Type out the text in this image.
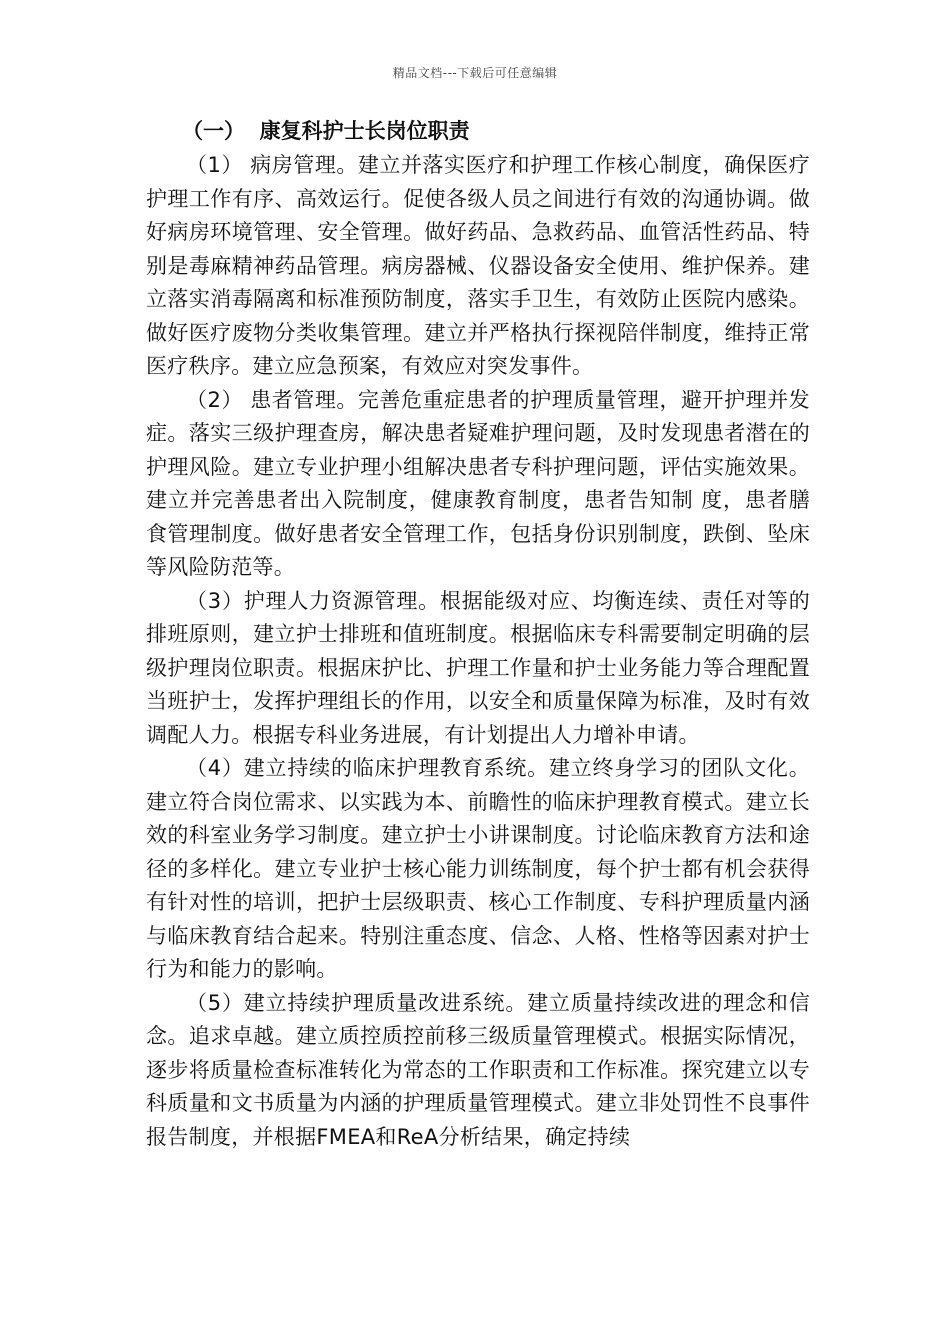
精品文档---下载后可任意编辑
（一）  康复科护士长岗位职责

（1） 病房管理。建立并落实医疗和护理工作核心制度，确保医疗护理工作有序、高效运行。促使各级人员之间进行有效的沟通协调。做好病房环境管理、安全管理。做好药品、急救药品、血管活性药品、特别是毒麻精神药品管理。病房器械、仪器设备安全使用、维护保养。建立落实消毒隔离和标准预防制度，落实手卫生，有效防止医院内感染。做好医疗废物分类收集管理。建立并严格执行探视陪伴制度，维持正常医疗秩序。建立应急预案，有效应对突发事件。

（2） 患者管理。完善危重症患者的护理质量管理，避开护理并发症。落实三级护理查房，解决患者疑难护理问题，及时发现患者潜在的护理风险。建立专业护理小组解决患者专科护理问题，评估实施效果。建立并完善患者出入院制度，健康教育制度，患者告知制 度，患者膳食管理制度。做好患者安全管理工作，包括身份识别制度，跌倒、坠床等风险防范等。

（3）护理人力资源管理。根据能级对应、均衡连续、责任对等的排班原则，建立护士排班和值班制度。根据临床专科需要制定明确的层级护理岗位职责。根据床护比、护理工作量和护士业务能力等合理配置当班护士，发挥护理组长的作用，以安全和质量保障为标准，及时有效调配人力。根据专科业务进展，有计划提出人力增补申请。

（4）建立持续的临床护理教育系统。建立终身学习的团队文化。建立符合岗位需求、以实践为本、前瞻性的临床护理教育模式。建立长效的科室业务学习制度。建立护士小讲课制度。讨论临床教育方法和途径的多样化。建立专业护士核心能力训练制度，每个护士都有机会获得有针对性的培训，把护士层级职责、核心工作制度、专科护理质量内涵与临床教育结合起来。特别注重态度、信念、人格、性格等因素对护士行为和能力的影响。

（5）建立持续护理质量改进系统。建立质量持续改进的理念和信念。追求卓越。建立质控质控前移三级质量管理模式。根据实际情况，逐步将质量检查标准转化为常态的工作职责和工作标准。探究建立以专科质量和文书质量为内涵的护理质量管理模式。建立非处罚性不良事件报告制度，并根据FMEA和ReA分析结果，确定持续
